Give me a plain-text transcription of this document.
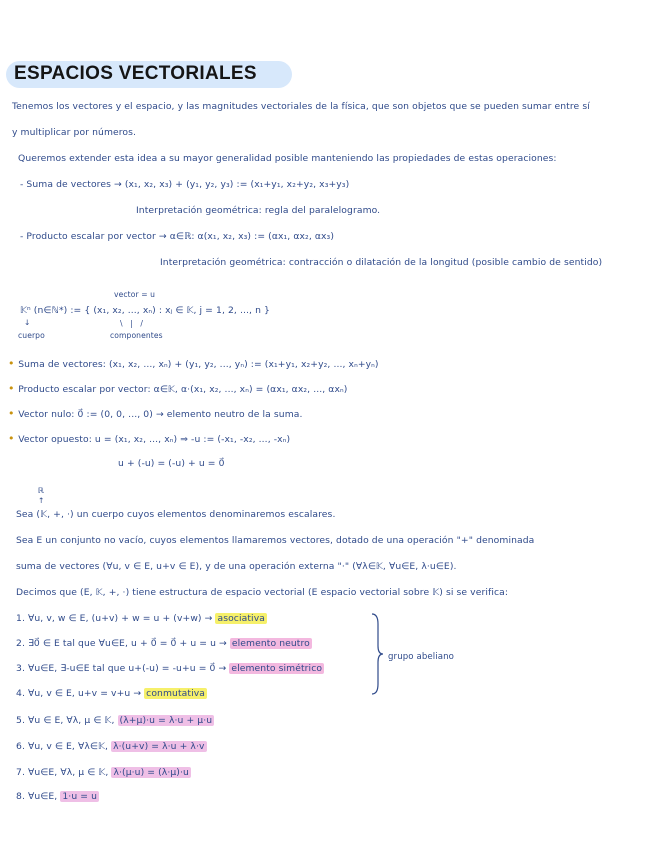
ESPACIOS VECTORIALES
Tenemos los vectores y el espacio, y las magnitudes vectoriales de la física, que son objetos que se pueden sumar entre sí
y multiplicar por números.
Queremos extender esta idea a su mayor generalidad posible manteniendo las propiedades de estas operaciones:
- Suma de vectores → (x₁, x₂, x₃) + (y₁, y₂, y₃) := (x₁+y₁, x₂+y₂, x₃+y₃)
Interpretación geométrica: regla del paralelogramo.
- Producto escalar por vector → α∈ℝ: α(x₁, x₂, x₃) := (αx₁, αx₂, αx₃)
Interpretación geométrica: contracción o dilatación de la longitud (posible cambio de sentido)
vector = u
𝕂ⁿ (n∈ℕ*) := { (x₁, x₂, ..., xₙ) : xⱼ ∈ 𝕂, j = 1, 2, ..., n }
↓
cuerpo
\   |   /
componentes
• Suma de vectores: (x₁, x₂, ..., xₙ) + (y₁, y₂, ..., yₙ) := (x₁+y₁, x₂+y₂, ..., xₙ+yₙ)
• Producto escalar por vector: α∈𝕂, α·(x₁, x₂, ..., xₙ) = (αx₁, αx₂, ..., αxₙ)
• Vector nulo: 0⃗ := (0, 0, ..., 0) → elemento neutro de la suma.
• Vector opuesto: u = (x₁, x₂, ..., xₙ) ⇒ -u := (-x₁, -x₂, ..., -xₙ)
u + (-u) = (-u) + u = 0⃗
ℝ
↑
Sea (𝕂, +, ·) un cuerpo cuyos elementos denominaremos escalares.
Sea E un conjunto no vacío, cuyos elementos llamaremos vectores, dotado de una operación "+" denominada
suma de vectores (∀u, v ∈ E, u+v ∈ E), y de una operación externa "·" (∀λ∈𝕂, ∀u∈E, λ·u∈E).
Decimos que (E, 𝕂, +, ·) tiene estructura de espacio vectorial (E espacio vectorial sobre 𝕂) si se verifica:
1. ∀u, v, w ∈ E, (u+v) + w = u + (v+w) → asociativa
2. ∃0⃗ ∈ E tal que ∀u∈E, u + 0⃗ = 0⃗ + u = u → elemento neutro
3. ∀u∈E, ∃-u∈E tal que u+(-u) = -u+u = 0⃗ → elemento simétrico
4. ∀u, v ∈ E, u+v = v+u → conmutativa
5. ∀u ∈ E, ∀λ, μ ∈ 𝕂, (λ+μ)·u = λ·u + μ·u
6. ∀u, v ∈ E, ∀λ∈𝕂, λ·(u+v) = λ·u + λ·v
7. ∀u∈E, ∀λ, μ ∈ 𝕂, λ·(μ·u) = (λ·μ)·u
8. ∀u∈E, 1·u = u
grupo abeliano
